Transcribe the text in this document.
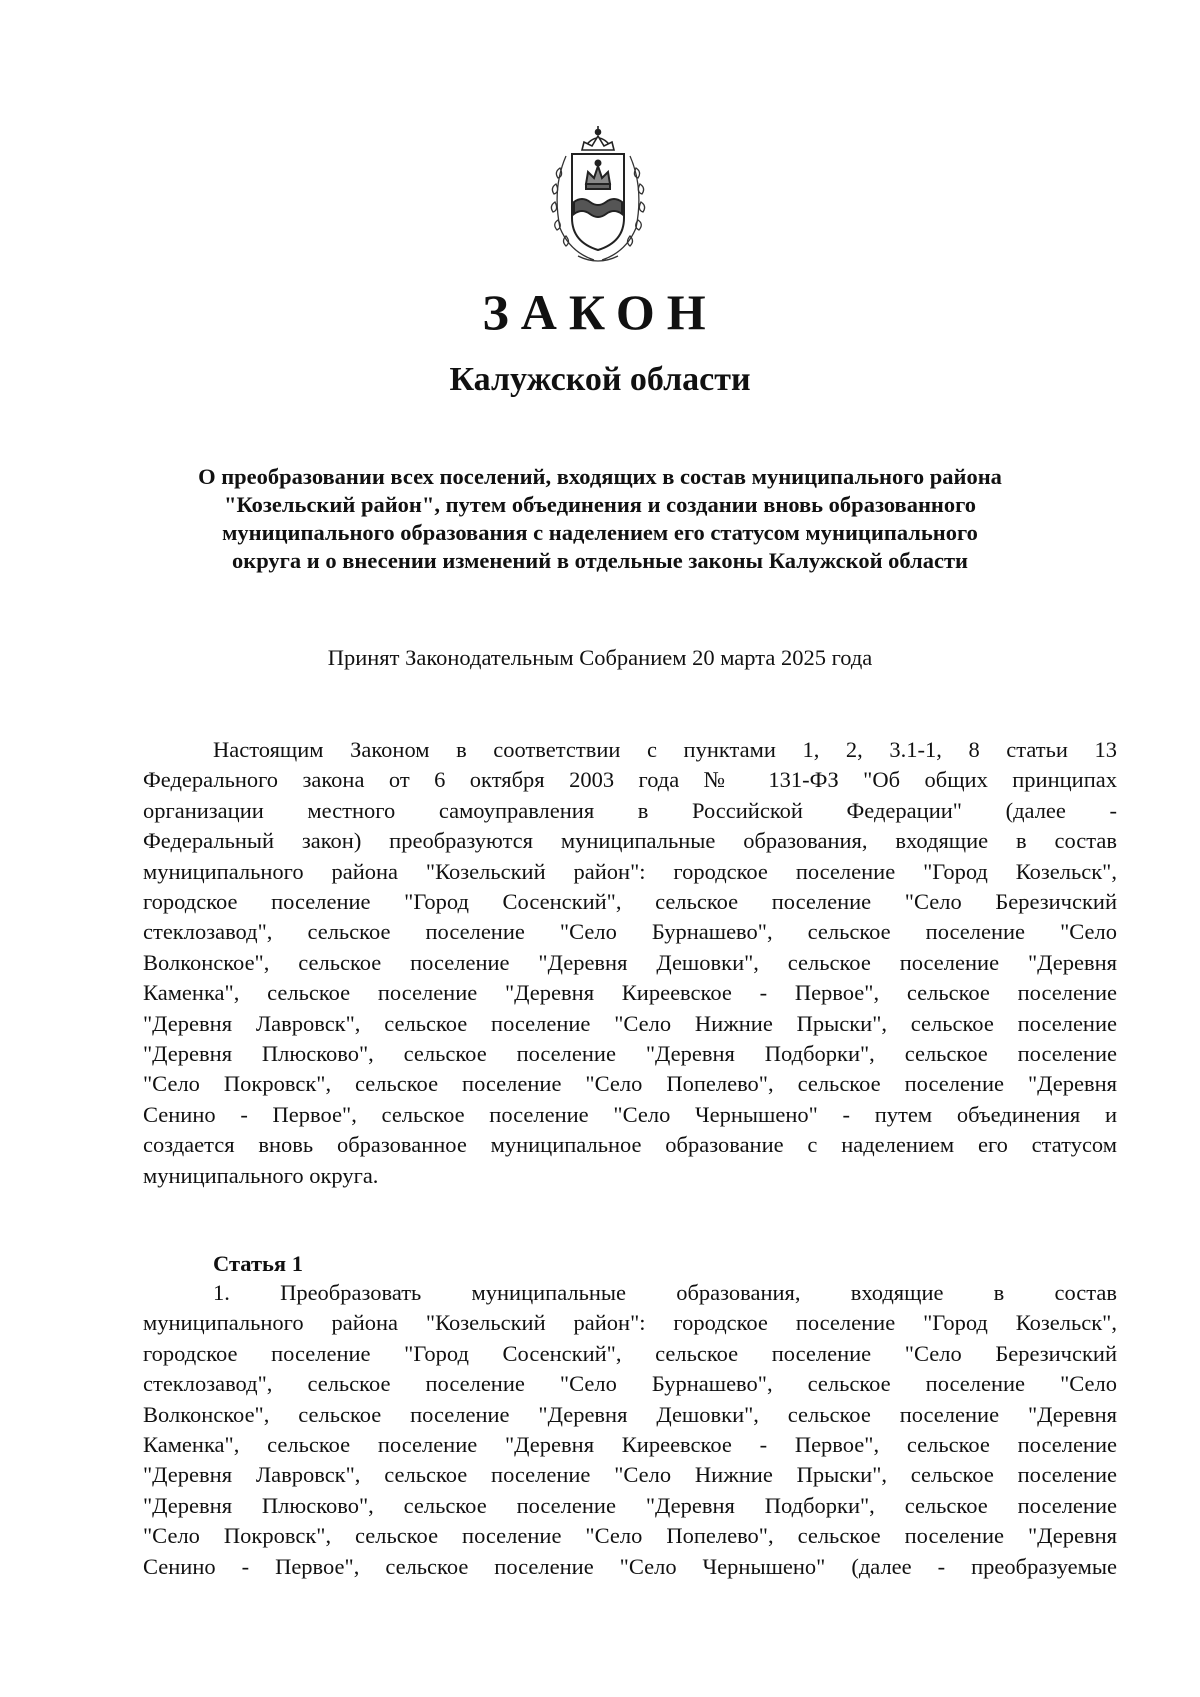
ЗАКОН
Калужской области
О преобразовании всех поселений, входящих в состав муниципального района
"Козельский район", путем объединения и создании вновь образованного
муниципального образования с наделением его статусом муниципального
округа и о внесении изменений в отдельные законы Калужской области
Принят Законодательным Собранием 20 марта 2025 года
Настоящим Законом в соответствии с пунктами 1, 2, 3.1-1, 8 статьи 13
Федерального закона от 6 октября 2003 года № 131-ФЗ "Об общих принципах
организации местного самоуправления в Российской Федерации" (далее -
Федеральный закон) преобразуются муниципальные образования, входящие в состав
муниципального района "Козельский район": городское поселение "Город Козельск",
городское поселение "Город Сосенский", сельское поселение "Село Березичский
стеклозавод", сельское поселение "Село Бурнашево", сельское поселение "Село
Волконское", сельское поселение "Деревня Дешовки", сельское поселение "Деревня
Каменка", сельское поселение "Деревня Киреевское - Первое", сельское поселение
"Деревня Лавровск", сельское поселение "Село Нижние Прыски", сельское поселение
"Деревня Плюсково", сельское поселение "Деревня Подборки", сельское поселение
"Село Покровск", сельское поселение "Село Попелево", сельское поселение "Деревня
Сенино - Первое", сельское поселение "Село Чернышено" - путем объединения и
создается вновь образованное муниципальное образование с наделением его статусом
муниципального округа.
Статья 1
1. Преобразовать муниципальные образования, входящие в состав
муниципального района "Козельский район": городское поселение "Город Козельск",
городское поселение "Город Сосенский", сельское поселение "Село Березичский
стеклозавод", сельское поселение "Село Бурнашево", сельское поселение "Село
Волконское", сельское поселение "Деревня Дешовки", сельское поселение "Деревня
Каменка", сельское поселение "Деревня Киреевское - Первое", сельское поселение
"Деревня Лавровск", сельское поселение "Село Нижние Прыски", сельское поселение
"Деревня Плюсково", сельское поселение "Деревня Подборки", сельское поселение
"Село Покровск", сельское поселение "Село Попелево", сельское поселение "Деревня
Сенино - Первое", сельское поселение "Село Чернышено" (далее - преобразуемые
